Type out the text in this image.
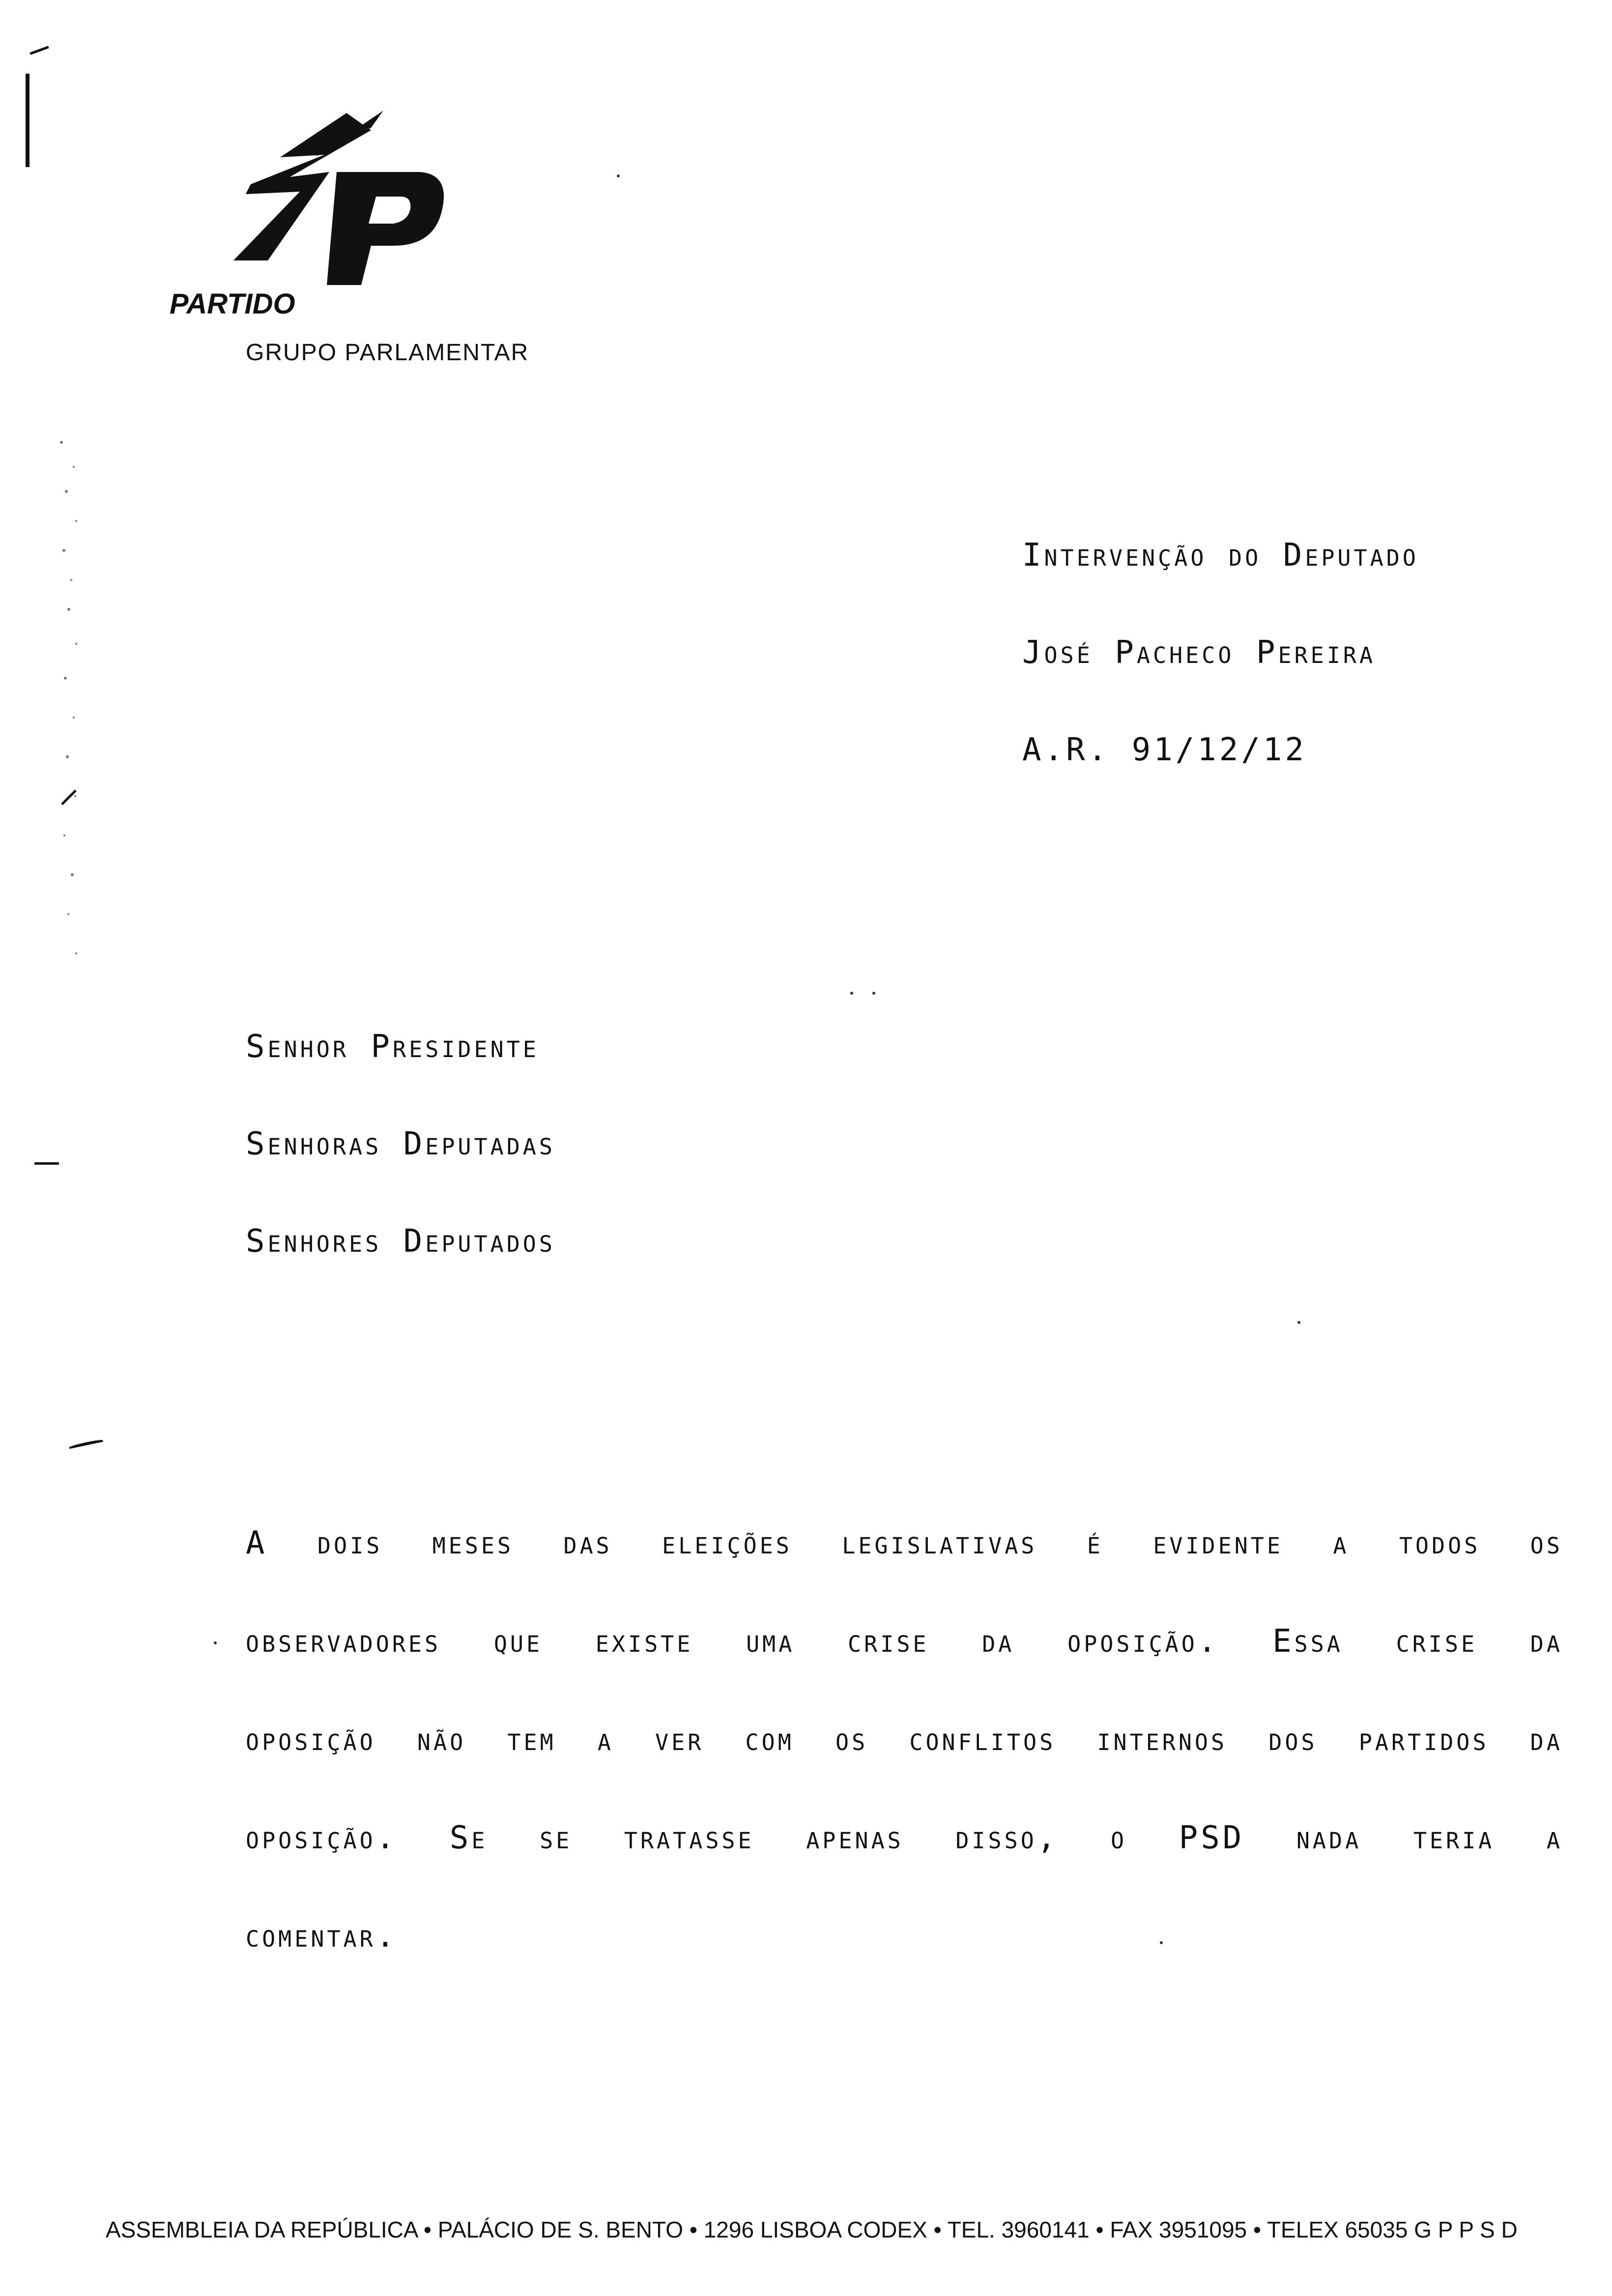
PARTIDO
GRUPO PARLAMENTAR
Intervenção do Deputado
José Pacheco Pereira
A.R. 91/12/12
Senhor Presidente
Senhoras Deputadas
Senhores Deputados
A dois meses das eleições legislativas é evidente a todos os
observadores que existe uma crise da oposição. Essa crise da
oposição não tem a ver com os conflitos internos dos partidos da
oposição. Se se tratasse apenas disso, o PSD nada teria a
comentar.
ASSEMBLEIA DA REPÚBLICA • PALÁCIO DE S. BENTO • 1296 LISBOA CODEX • TEL. 3960141 • FAX 3951095 • TELEX 65035 G P P S D
